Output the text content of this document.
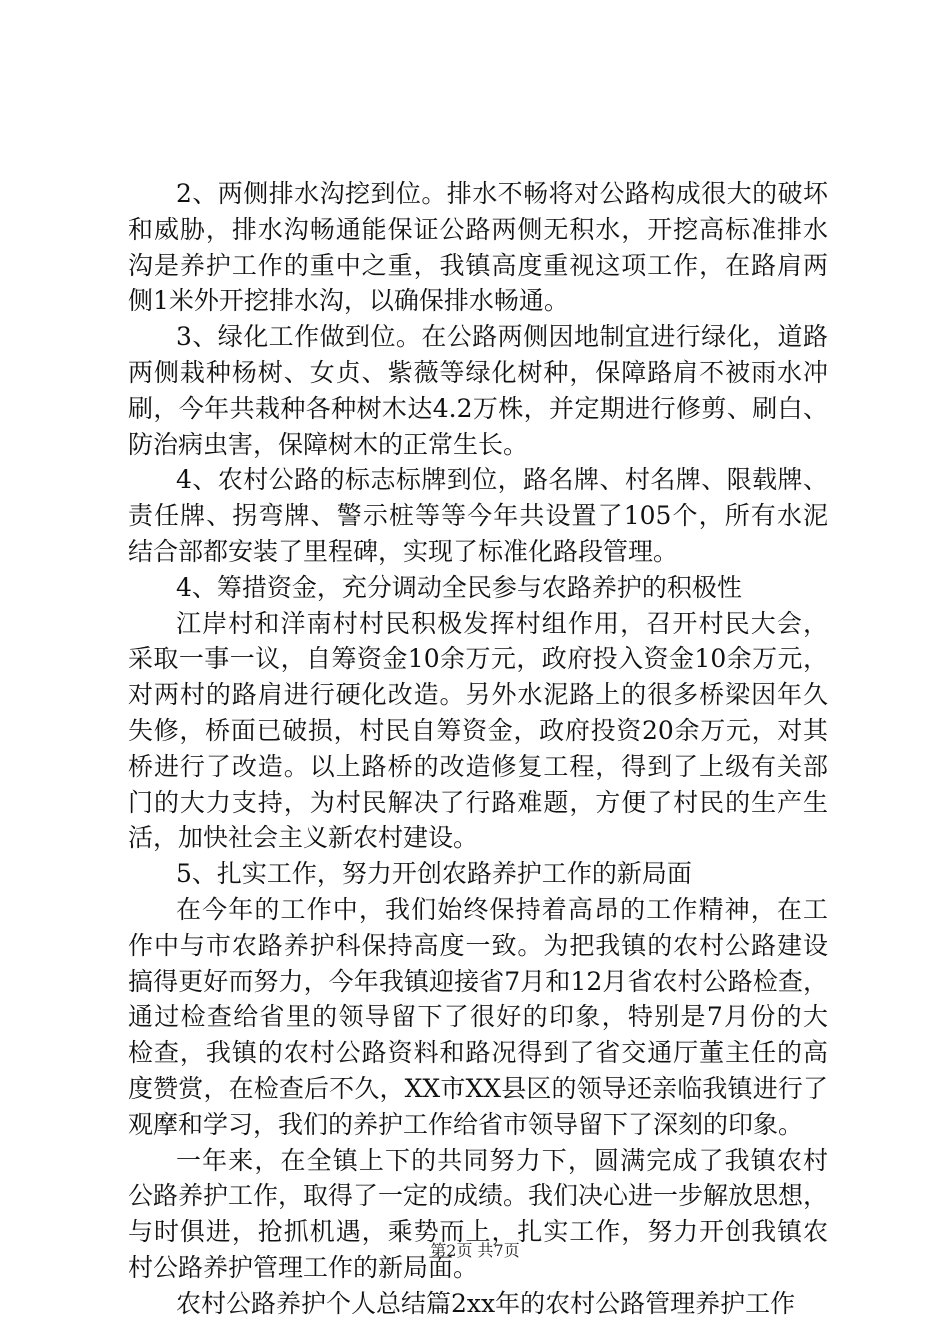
2、两侧排水沟挖到位。排水不畅将对公路构成很大的破坏
和威胁，排水沟畅通能保证公路两侧无积水，开挖高标准排水
沟是养护工作的重中之重，我镇高度重视这项工作，在路肩两
侧1米外开挖排水沟，以确保排水畅通。
3、绿化工作做到位。在公路两侧因地制宜进行绿化，道路
两侧栽种杨树、女贞、紫薇等绿化树种，保障路肩不被雨水冲
刷，今年共栽种各种树木达4.2万株，并定期进行修剪、刷白、
防治病虫害，保障树木的正常生长。
4、农村公路的标志标牌到位，路名牌、村名牌、限载牌、
责任牌、拐弯牌、警示桩等等今年共设置了105个，所有水泥
结合部都安装了里程碑，实现了标准化路段管理。
4、筹措资金，充分调动全民参与农路养护的积极性
江岸村和洋南村村民积极发挥村组作用，召开村民大会，
采取一事一议，自筹资金10余万元，政府投入资金10余万元，
对两村的路肩进行硬化改造。另外水泥路上的很多桥梁因年久
失修，桥面已破损，村民自筹资金，政府投资20余万元，对其
桥进行了改造。以上路桥的改造修复工程，得到了上级有关部
门的大力支持，为村民解决了行路难题，方便了村民的生产生
活，加快社会主义新农村建设。
5、扎实工作，努力开创农路养护工作的新局面
在今年的工作中，我们始终保持着高昂的工作精神，在工
作中与市农路养护科保持高度一致。为把我镇的农村公路建设
搞得更好而努力，今年我镇迎接省7月和12月省农村公路检查，
通过检查给省里的领导留下了很好的印象，特别是7月份的大
检查，我镇的农村公路资料和路况得到了省交通厅董主任的高
度赞赏，在检查后不久，XX市XX县区的领导还亲临我镇进行了
观摩和学习，我们的养护工作给省市领导留下了深刻的印象。
一年来，在全镇上下的共同努力下，圆满完成了我镇农村
公路养护工作，取得了一定的成绩。我们决心进一步解放思想，
与时俱进，抢抓机遇，乘势而上，扎实工作，努力开创我镇农
村公路养护管理工作的新局面。
农村公路养护个人总结篇2xx年的农村公路管理养护工作
第2页 共7页
